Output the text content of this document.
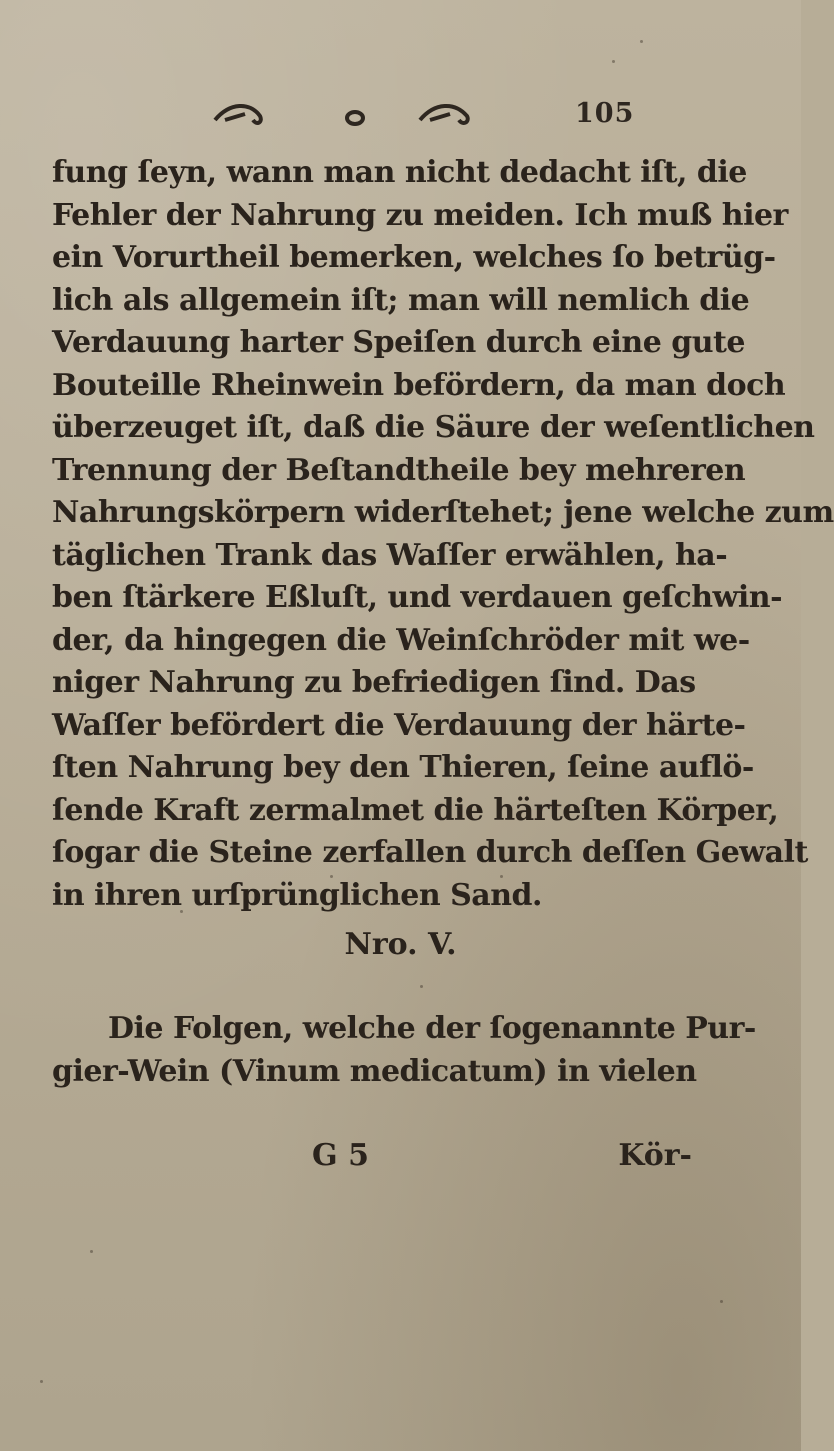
105
fung ſeyn, wann man nicht dedacht iſt, die
Fehler der Nahrung zu meiden. Ich muß hier
ein Vorurtheil bemerken, welches ſo betrüg-
lich als allgemein iſt; man will nemlich die
Verdauung harter Speiſen durch eine gute
Bouteille Rheinwein befördern, da man doch
überzeuget iſt, daß die Säure der weſentlichen
Trennung der Beſtandtheile bey mehreren
Nahrungskörpern widerſtehet; jene welche zum
täglichen Trank das Waſſer erwählen, ha-
ben ſtärkere Eßluſt, und verdauen geſchwin-
der, da hingegen die Weinſchröder mit we-
niger Nahrung zu befriedigen ſind. Das
Waſſer befördert die Verdauung der härte-
ſten Nahrung bey den Thieren, ſeine auflö-
ſende Kraft zermalmet die härteſten Körper,
ſogar die Steine zerfallen durch deſſen Gewalt
in ihren urſprünglichen Sand.
Nro. V.
Die Folgen, welche der ſogenannte Pur-
gier-Wein (Vinum medicatum) in vielen
G 5	Kör-
